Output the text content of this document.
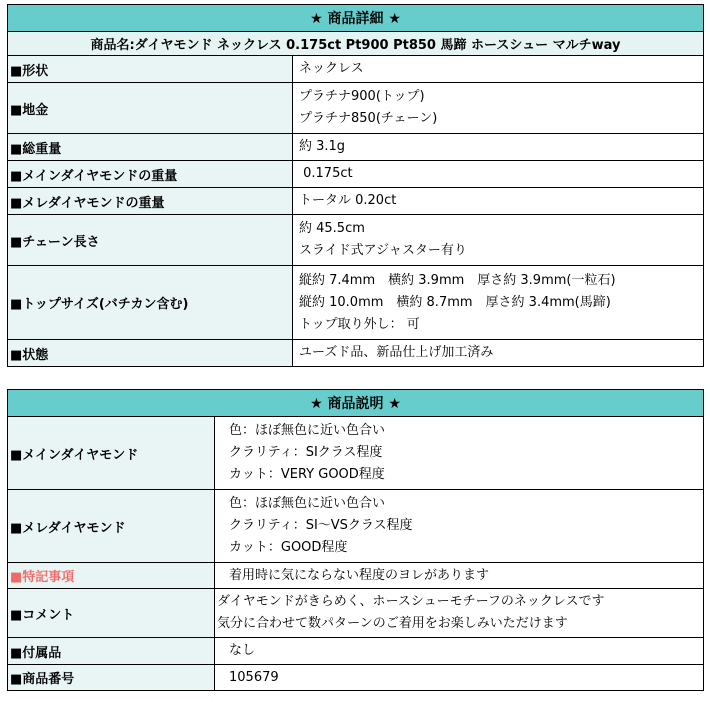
★ 商品詳細 ★	
商品名:ダイヤモンド ネックレス 0.175ct Pt900 Pt850 馬蹄 ホースシュー マルチway	
■形状	ネックレス

■地金	プラチナ900(トップ)
プラチナ850(チェーン)

■総重量	約 3.1g

■メインダイヤモンドの重量	0.175ct

■メレダイヤモンドの重量	トータル 0.20ct

■チェーン長さ	約 45.5cm
スライド式アジャスター有り

■トップサイズ(バチカン含む)	縦約 7.4mm　横約 3.9mm　厚さ約 3.9mm(一粒石)
縦約 10.0mm　横約 8.7mm　厚さ約 3.4mm(馬蹄)
トップ取り外し： 可

■状態	ユーズド品、新品仕上げ加工済み
★ 商品説明 ★	
■メインダイヤモンド	色：ほぼ無色に近い色合い
クラリティ：SIクラス程度
カット：VERY GOOD程度

■メレダイヤモンド	色：ほぼ無色に近い色合い
クラリティ：SI～VSクラス程度
カット：GOOD程度

■特記事項	着用時に気にならない程度のヨレがあります

■コメント	ダイヤモンドがきらめく、ホースシューモチーフのネックレスです
気分に合わせて数パターンのご着用をお楽しみいただけます

■付属品	なし

■商品番号	105679
